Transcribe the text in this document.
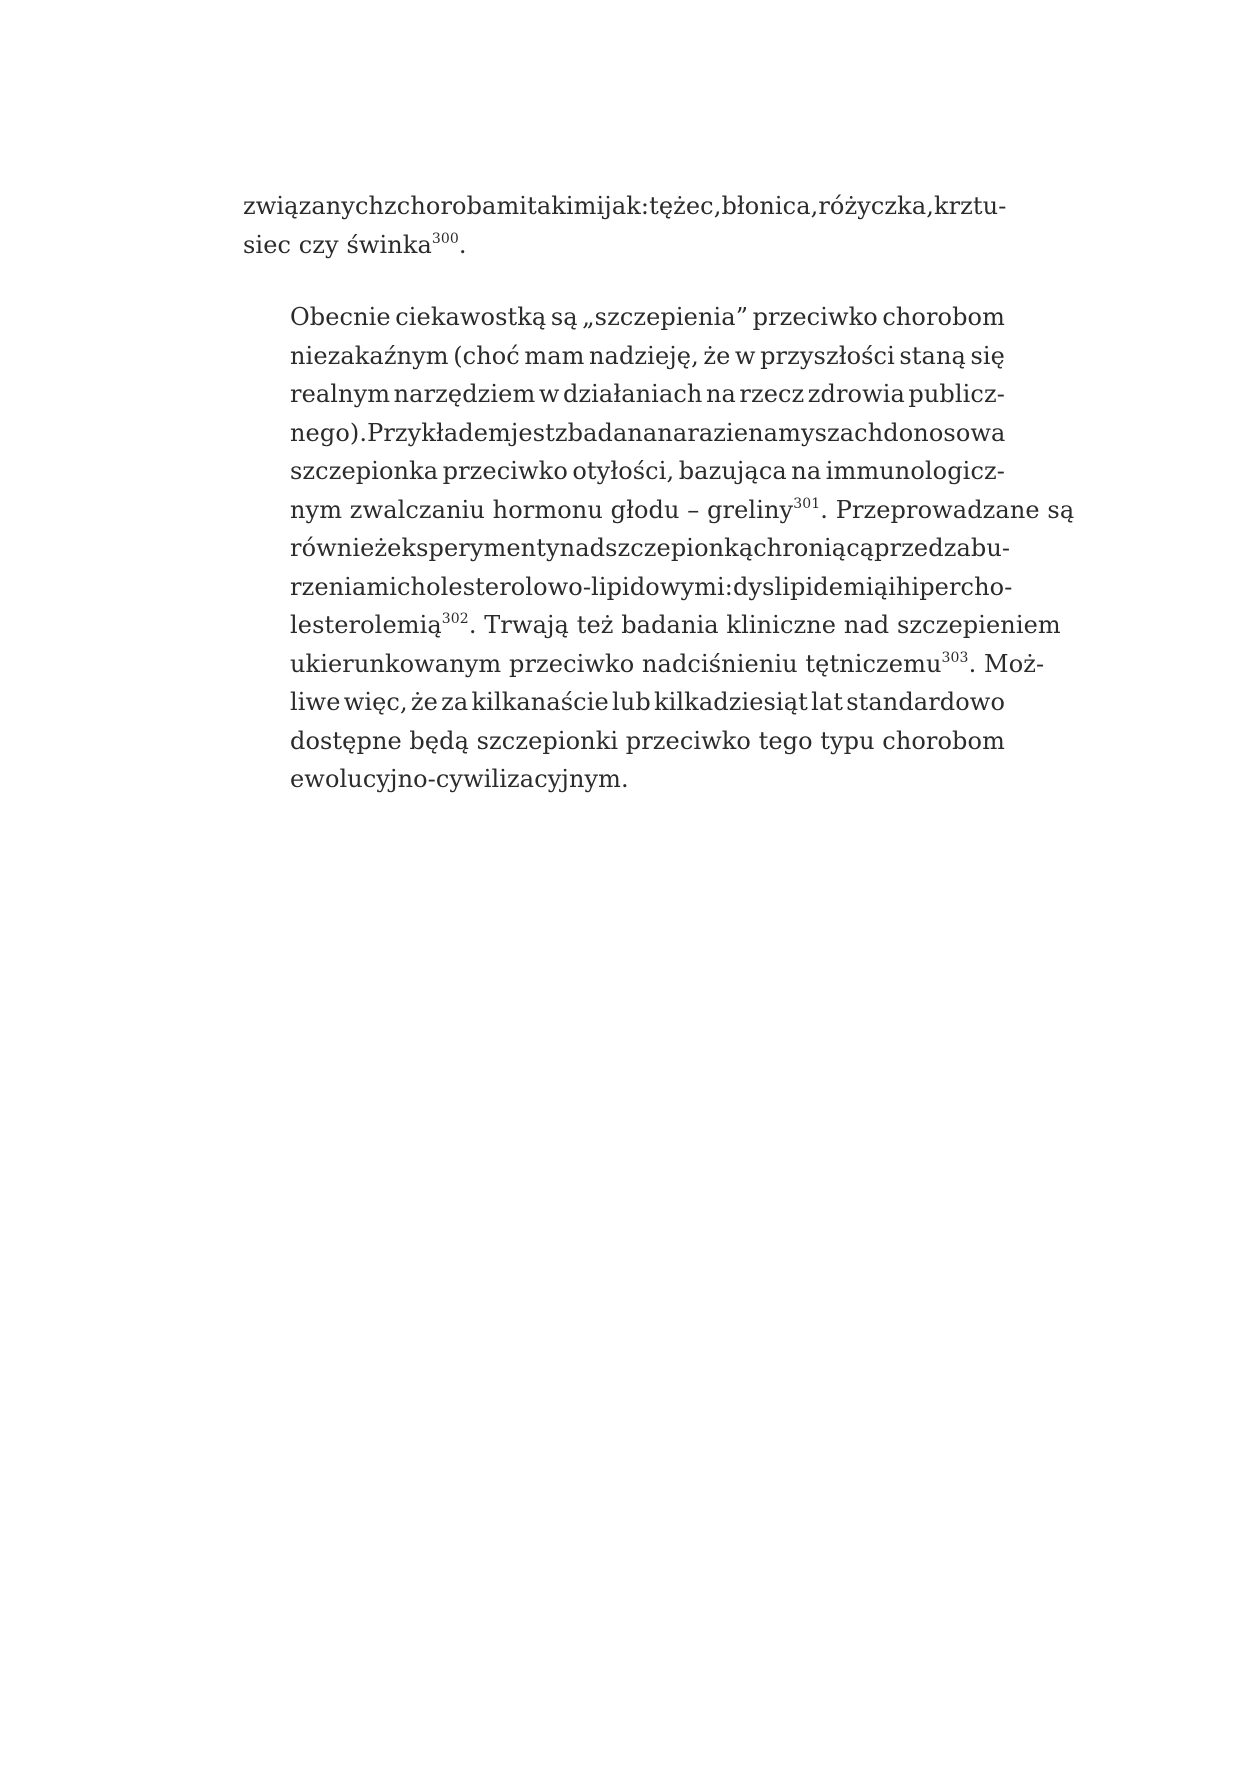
związanych z chorobami takimi jak: tężec, błonica, różyczka, krztu-
siec czy świnka$^{300}$.
Obecnie ciekawostką są „szczepienia” przeciwko chorobom
niezakaźnym (choć mam nadzieję, że w przyszłości staną się
realnym narzędziem w działaniach na rzecz zdrowia publicz-
nego). Przykładem jest zbadana na razie na myszach donosowa
szczepionka przeciwko otyłości, bazująca na immunologicz-
nym zwalczaniu hormonu głodu – greliny$^{301}$. Przeprowadzane są
również eksperymenty nad szczepionką chroniącą przed zabu-
rzeniami cholesterolowo-lipidowymi: dyslipidemią i hipercho-
lesterolemią$^{302}$. Trwają też badania kliniczne nad szczepieniem
ukierunkowanym przeciwko nadciśnieniu tętniczemu$^{303}$. Moż-
liwe więc, że za kilkanaście lub kilkadziesiąt lat standardowo
dostępne będą szczepionki przeciwko tego typu chorobom
ewolucyjno-cywilizacyjnym.
